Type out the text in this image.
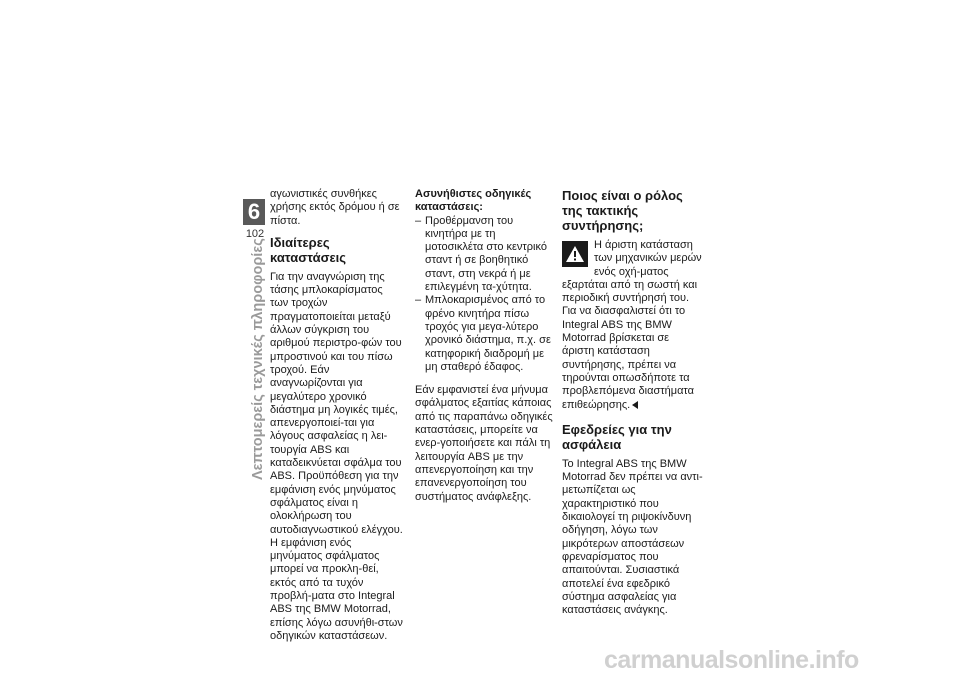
6
102
Λεπτομερείς τεχνικές πληροφορίες

αγωνιστικές συνθήκες χρήσης εκτός δρόμου ή σε πίστα.

Ιδιαίτερες καταστάσεις

Για την αναγνώριση της τάσης μπλοκαρίσματος των τροχών πραγματοποιείται μεταξύ άλλων σύγκριση του αριθμού περιστρο-φών του μπροστινού και του πίσω τροχού. Εάν αναγνωρίζονται για μεγαλύτερο χρονικό διάστημα μη λογικές τιμές, απενεργοποιεί-ται για λόγους ασφαλείας η λει-τουργία ABS και καταδεικνύεται σφάλμα του ABS. Προϋπόθεση για την εμφάνιση ενός μηνύματος σφάλματος είναι η ολοκλήρωση του αυτοδιαγνωστικού ελέγχου.

Η εμφάνιση ενός μηνύματος σφάλματος μπορεί να προκλη-θεί, εκτός από τα τυχόν προβλή-ματα στο Integral ABS της BMW Motorrad, επίσης λόγω ασυνήθι-στων οδηγικών καταστάσεων.

Ασυνήθιστες οδηγικές καταστάσεις:
– Προθέρμανση του κινητήρα με τη μοτοσικλέτα στο κεντρικό σταντ ή σε βοηθητικό σταντ, στη νεκρά ή με επιλεγμένη τα-χύτητα.
– Μπλοκαρισμένος από το φρένο κινητήρα πίσω τροχός για μεγα-λύτερο χρονικό διάστημα, π.χ. σε κατηφορική διαδρομή με μη σταθερό έδαφος.

Εάν εμφανιστεί ένα μήνυμα σφάλματος εξαιτίας κάποιας από τις παραπάνω οδηγικές καταστάσεις, μπορείτε να ενερ-γοποιήσετε και πάλι τη λειτουργία ABS με την απενεργοποίηση και την επανενεργοποίηση του συστήματος ανάφλεξης.

Ποιος είναι ο ρόλος της τακτικής συντήρησης;
Η άριστη κατάσταση των μηχανικών μερών ενός οχή-ματος εξαρτάται από τη σωστή και περιοδική συντήρησή του. Για να διασφαλιστεί ότι το Integral ABS της BMW Motorrad βρίσκεται σε άριστη κατάσταση συντήρησης, πρέπει να τηρούνται οπωσδήποτε τα προβλεπόμενα διαστήματα επιθεώρησης.
Εφεδρείες για την ασφάλεια

Το Integral ABS της BMW Motorrad δεν πρέπει να αντι-μετωπίζεται ως χαρακτηριστικό που δικαιολογεί τη ριψοκίνδυνη οδήγηση, λόγω των μικρότερων αποστάσεων φρεναρίσματος που απαιτούνται. Συσιαστικά αποτελεί ένα εφεδρικό σύστημα ασφαλείας για καταστάσεις ανάγκης.

carmanualsonline.info
